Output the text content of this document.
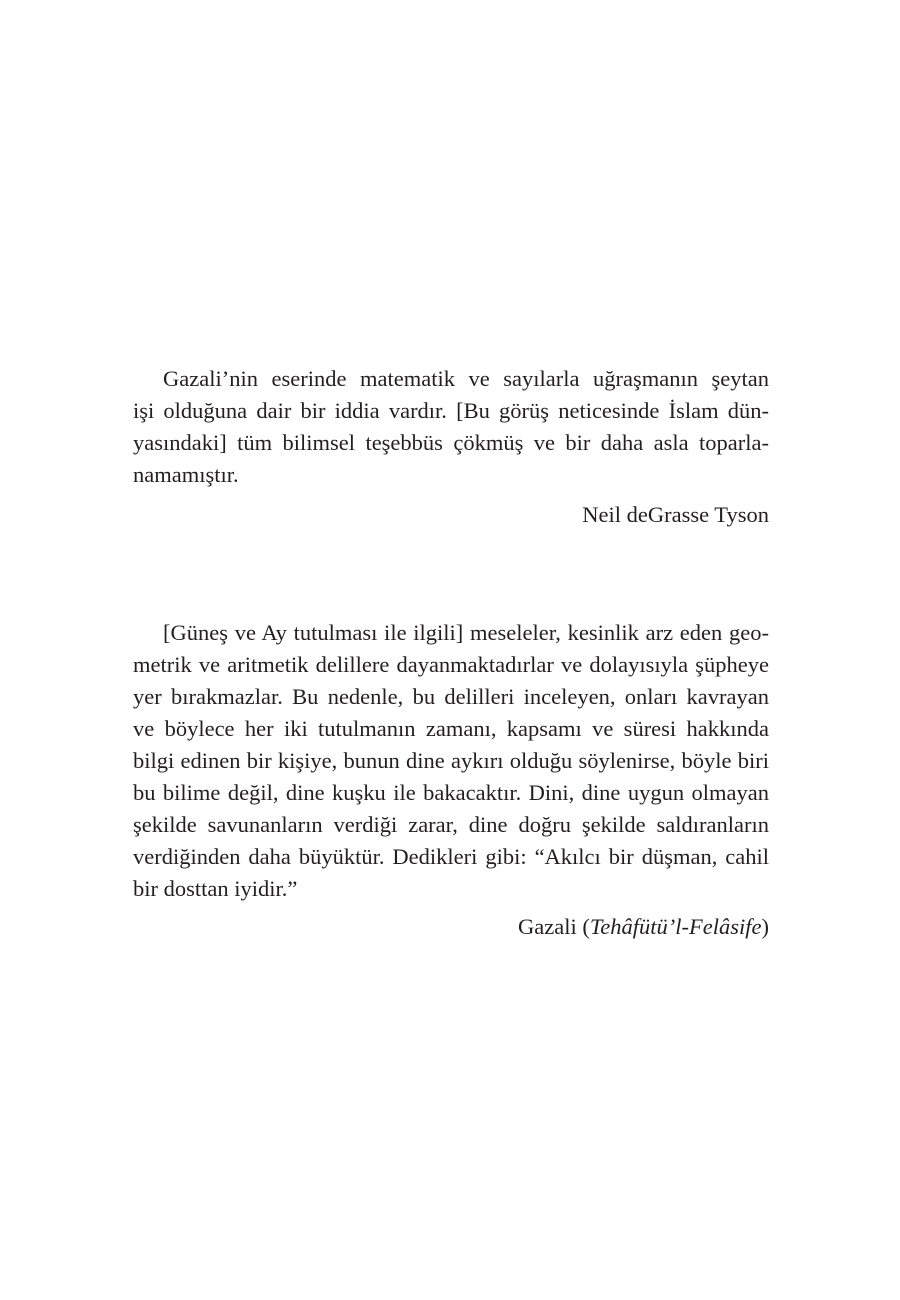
Gazali’nin eserinde matematik ve sayılarla uğraşmanın şeytan
işi olduğuna dair bir iddia vardır. [Bu görüş neticesinde İslam dün-
yasındaki] tüm bilimsel teşebbüs çökmüş ve bir daha asla toparla-
namamıştır.
Neil deGrasse Tyson
[Güneş ve Ay tutulması ile ilgili] meseleler, kesinlik arz eden geo-
metrik ve aritmetik delillere dayanmaktadırlar ve dolayısıyla şüpheye
yer bırakmazlar. Bu nedenle, bu delilleri inceleyen, onları kavrayan
ve böylece her iki tutulmanın zamanı, kapsamı ve süresi hakkında
bilgi edinen bir kişiye, bunun dine aykırı olduğu söylenirse, böyle biri
bu bilime değil, dine kuşku ile bakacaktır. Dini, dine uygun olmayan
şekilde savunanların verdiği zarar, dine doğru şekilde saldıranların
verdiğinden daha büyüktür. Dedikleri gibi: “Akılcı bir düşman, cahil
bir dosttan iyidir.”
Gazali (Tehâfütü’l-Felâsife)
